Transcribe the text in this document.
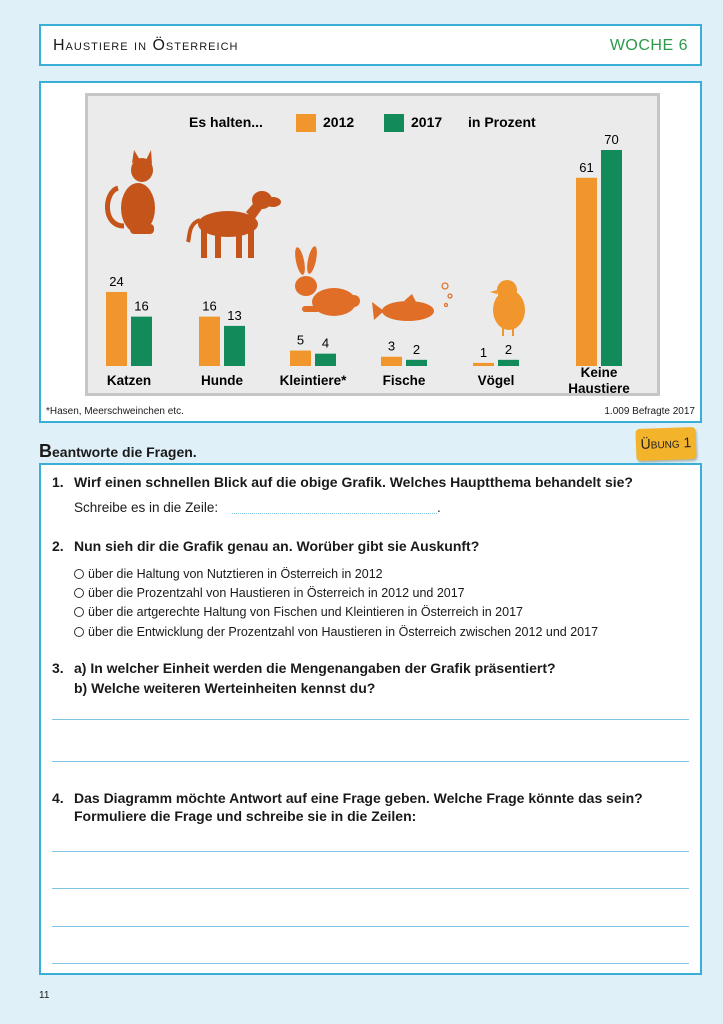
Haustiere in Österreich	WOCHE 6
Es halten...	2012	2017 in Prozent
24
16
Katzen
16
13
Hunde
5 4
Kleintiere*
3 2
Fische
1 2
Vögel
61
70
Keine Haustiere
*Hasen, Meerschweinchen etc.	1.009 Befragte 2017
Beantworte die Fragen.
Übung 1
1. Wirf einen schnellen Blick auf die obige Grafik. Welches Hauptthema behandelt sie?
Schreibe es in die Zeile:	.
2. Nun sieh dir die Grafik genau an. Worüber gibt sie Auskunft?
über die Haltung von Nutztieren in Österreich in 2012
über die Prozentzahl von Haustieren in Österreich in 2012 und 2017
über die artgerechte Haltung von Fischen und Kleintieren in Österreich in 2017
über die Entwicklung der Prozentzahl von Haustieren in Österreich zwischen 2012 und 2017
3. a) In welcher Einheit werden die Mengenangaben der Grafik präsentiert?
b) Welche weiteren Werteinheiten kennst du?
4. Das Diagramm möchte Antwort auf eine Frage geben. Welche Frage könnte das sein?
Formuliere die Frage und schreibe sie in die Zeilen:
11
